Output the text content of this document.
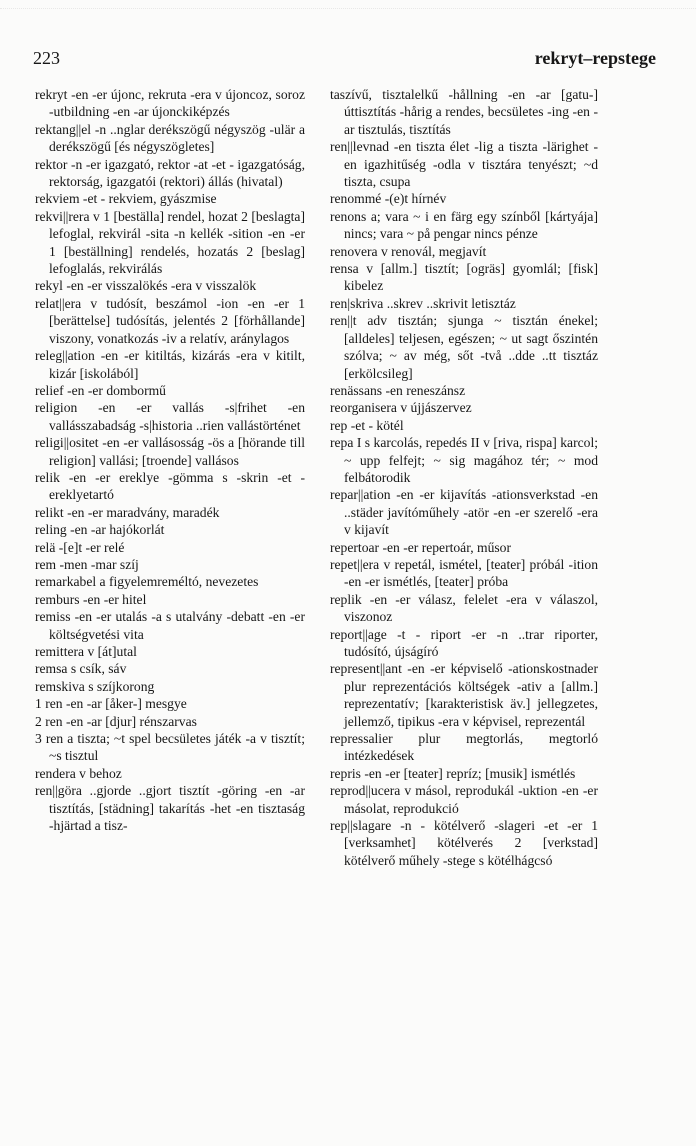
223	rekryt–repstege

rekryt -en -er újonc, rekruta -era v újoncoz, soroz -utbildning -en -ar újonckiképzés

rektang||el -n ..nglar derékszögű négyszög -ulär a derékszögű [és négyszögletes]

rektor -n -er igazgató, rektor -at -et - igazgatóság, rektorság, igazgatói (rektori) állás (hivatal)

rekviem -et - rekviem, gyászmise

rekvi||rera v 1 [beställa] rendel, hozat 2 [beslagta] lefoglal, rekvirál -sita -n kellék -sition -en -er 1 [beställning] rendelés, hozatás 2 [beslag] lefoglalás, rekvirálás

rekyl -en -er visszalökés -era v visszalök

relat||era v tudósít, beszámol -ion -en -er 1 [berättelse] tudósítás, jelentés 2 [förhållande] viszony, vonatkozás -iv a relatív, aránylagos

releg||ation -en -er kitiltás, kizárás -era v kitilt, kizár [iskolából]

relief -en -er dombormű

religion -en -er vallás -s|frihet -en vallásszabadság -s|historia ..rien vallástörténet

religi||ositet -en -er vallásosság -ös a [hörande till religion] vallási; [troende] vallásos

relik -en -er ereklye -gömma s -skrin -et - ereklyetartó

relikt -en -er maradvány, maradék

reling -en -ar hajókorlát

relä -[e]t -er relé

rem -men -mar szíj

remarkabel a figyelemreméltó, nevezetes

remburs -en -er hitel

remiss -en -er utalás -a s utalvány -debatt -en -er költségvetési vita

remittera v [át]utal

remsa s csík, sáv

remskiva s szíjkorong

1 ren -en -ar [åker-] mesgye

2 ren -en -ar [djur] rénszarvas

3 ren a tiszta; ~t spel becsületes játék -a v tisztít; ~s tisztul

rendera v behoz

ren||göra ..gjorde ..gjort tisztít -göring -en -ar tisztítás, [städning] takarítás -het -en tisztaság -hjärtad a tisz-

taszívű, tisztalelkű -hållning -en -ar [gatu-] úttisztítás -hårig a rendes, becsületes -ing -en -ar tisztulás, tisztítás

ren||levnad -en tiszta élet -lig a tiszta -lärighet -en igazhitűség -odla v tisztára tenyészt; ~d tiszta, csupa

renommé -(e)t hírnév

renons a; vara ~ i en färg egy színből [kártyája] nincs; vara ~ på pengar nincs pénze

renovera v renovál, megjavít

rensa v [allm.] tisztít; [ogräs] gyomlál; [fisk] kibelez

ren|skriva ..skrev ..skrivit letisztáz

ren||t adv tisztán; sjunga ~ tisztán énekel; [alldeles] teljesen, egészen; ~ ut sagt őszintén szólva; ~ av még, sőt -två ..dde ..tt tisztáz [erkölcsileg]

renässans -en reneszánsz

reorganisera v újjászervez

rep -et - kötél

repa I s karcolás, repedés II v [riva, rispa] karcol; ~ upp felfejt; ~ sig magához tér; ~ mod felbátorodik

repar||ation -en -er kijavítás -ationsverkstad -en ..städer javítóműhely -atör -en -er szerelő -era v kijavít

repertoar -en -er repertoár, műsor

repet||era v repetál, ismétel, [teater] próbál -ition -en -er ismétlés, [teater] próba

replik -en -er válasz, felelet -era v válaszol, viszonoz

report||age -t - riport -er -n ..trar riporter, tudósító, újságíró

represent||ant -en -er képviselő -ationskostnader plur reprezentációs költségek -ativ a [allm.] reprezentatív; [karakteristisk äv.] jellegzetes, jellemző, tipikus -era v képvisel, reprezentál

repressalier plur megtorlás, megtorló intézkedések

repris -en -er [teater] repríz; [musik] ismétlés

reprod||ucera v másol, reprodukál -uktion -en -er másolat, reprodukció

rep||slagare -n - kötélverő -slageri -et -er 1 [verksamhet] kötélverés 2 [verkstad] kötélverő műhely -stege s kötélhágcsó
